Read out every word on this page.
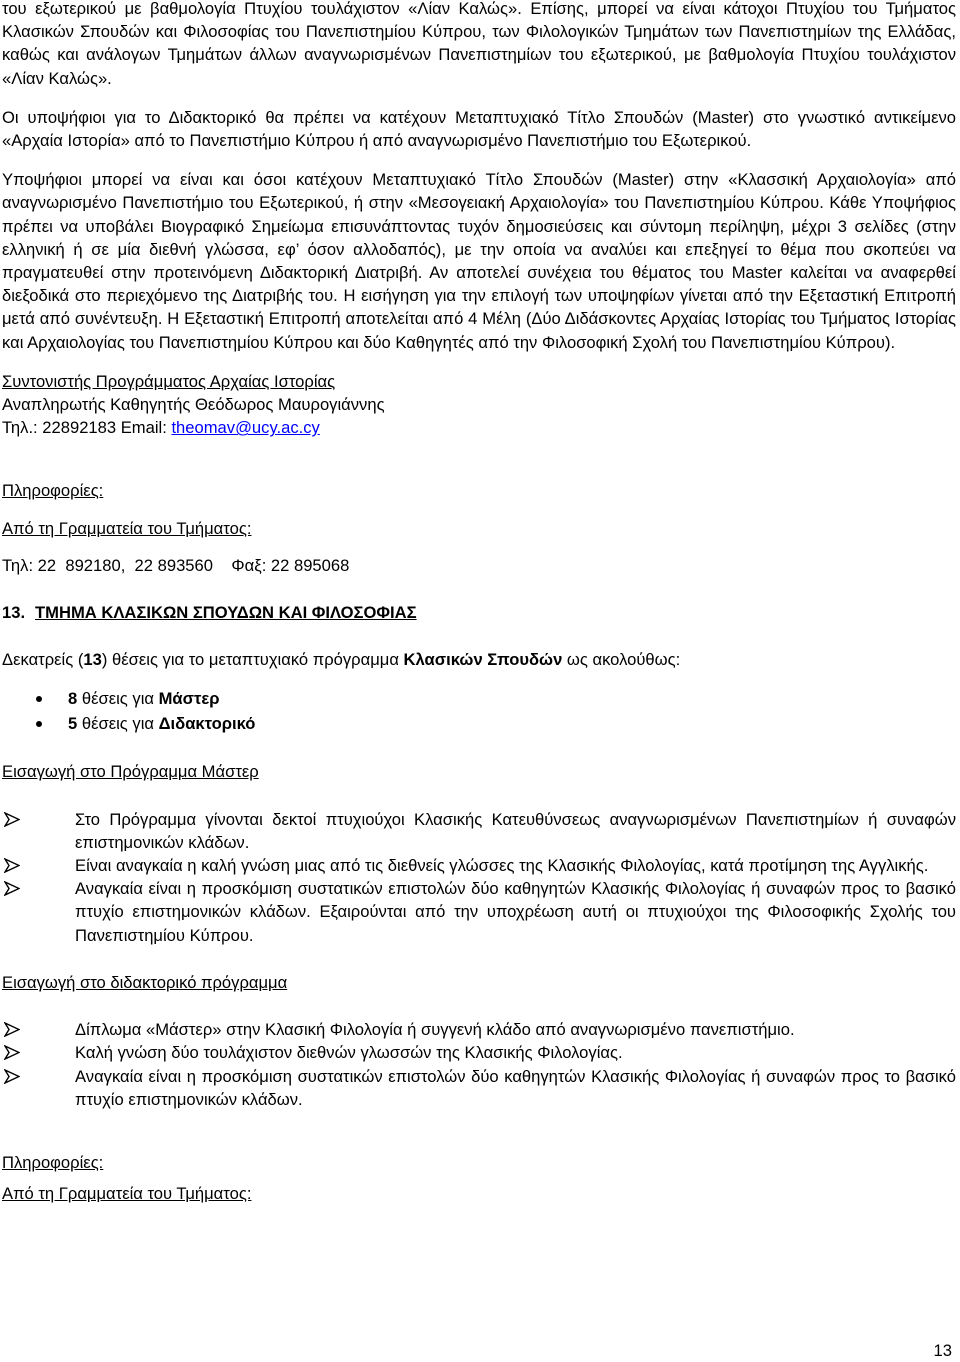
του εξωτερικού με βαθμολογία Πτυχίου τουλάχιστον «Λίαν Καλώς». Επίσης, μπορεί να είναι κάτοχοι Πτυχίου του Τμήματος Κλασικών Σπουδών και Φιλοσοφίας του Πανεπιστημίου Κύπρου, των Φιλολογικών Τμημάτων των Πανεπιστημίων της Ελλάδας, καθώς και ανάλογων Τμημάτων άλλων αναγνωρισμένων Πανεπιστημίων του εξωτερικού, με βαθμολογία Πτυχίου τουλάχιστον «Λίαν Καλώς».

Οι υποψήφιοι για το Διδακτορικό θα πρέπει να κατέχουν Μεταπτυχιακό Τίτλο Σπουδών (Master) στο γνωστικό αντικείμενο «Αρχαία Ιστορία» από το Πανεπιστήμιο Κύπρου ή από αναγνωρισμένο Πανεπιστήμιο του Εξωτερικού.

Υποψήφιοι μπορεί να είναι και όσοι κατέχουν Μεταπτυχιακό Τίτλο Σπουδών (Master) στην «Κλασσική Αρχαιολογία» από αναγνωρισμένο Πανεπιστήμιο του Εξωτερικού, ή στην «Μεσογειακή Αρχαιολογία» του Πανεπιστημίου Κύπρου. Κάθε Υποψήφιος πρέπει να υποβάλει Βιογραφικό Σημείωμα επισυνάπτοντας τυχόν δημοσιεύσεις και σύντομη περίληψη, μέχρι 3 σελίδες (στην ελληνική ή σε μία διεθνή γλώσσα, εφ’ όσον αλλοδαπός), με την οποία να αναλύει και επεξηγεί το θέμα που σκοπεύει να πραγματευθεί στην προτεινόμενη Διδακτορική Διατριβή. Αν αποτελεί συνέχεια του θέματος του Master καλείται να αναφερθεί διεξοδικά στο περιεχόμενο της Διατριβής του. Η εισήγηση για την επιλογή των υποψηφίων γίνεται από την Εξεταστική Επιτροπή μετά από συνέντευξη. Η Εξεταστική Επιτροπή αποτελείται από 4 Μέλη (Δύο Διδάσκοντες Αρχαίας Ιστορίας του Τμήματος Ιστορίας και Αρχαιολογίας του Πανεπιστημίου Κύπρου και δύο Καθηγητές από την Φιλοσοφική Σχολή του Πανεπιστημίου Κύπρου).

Συντονιστής Προγράμματος Αρχαίας Ιστορίας

Αναπληρωτής Καθηγητής Θεόδωρος Μαυρογιάννης

Τηλ.: 22892183 Email: theomav@ucy.ac.cy

Πληροφορίες:

Από τη Γραμματεία του Τμήματος:

Τηλ: 22  892180,  22 893560    Φαξ: 22 895068

13. ΤΜΗΜΑ ΚΛΑΣΙΚΩΝ ΣΠΟΥΔΩΝ ΚΑΙ ΦΙΛΟΣΟΦΙΑΣ

Δεκατρείς (13) θέσεις για το μεταπτυχιακό πρόγραμμα Κλασικών Σπουδών ως ακολούθως:

8 θέσεις για Μάστερ
5 θέσεις για Διδακτορικό

Εισαγωγή στο Πρόγραμμα Μάστερ

Στο Πρόγραμμα γίνονται δεκτοί πτυχιούχοι Κλασικής Κατευθύνσεως αναγνωρισμένων Πανεπιστημίων ή συναφών επιστημονικών κλάδων.
Είναι αναγκαία η καλή γνώση μιας από τις διεθνείς γλώσσες της Κλασικής Φιλολογίας, κατά προτίμηση της Αγγλικής.
Αναγκαία είναι η προσκόμιση συστατικών επιστολών δύο καθηγητών Κλασικής Φιλολογίας ή συναφών προς το βασικό πτυχίο επιστημονικών κλάδων. Εξαιρούνται από την υποχρέωση αυτή οι πτυχιούχοι της Φιλοσοφικής Σχολής του Πανεπιστημίου Κύπρου.

Εισαγωγή στο διδακτορικό πρόγραμμα

Δίπλωμα «Μάστερ» στην Κλασική Φιλολογία ή συγγενή κλάδο από αναγνωρισμένο πανεπιστήμιο.
Καλή γνώση δύο τουλάχιστον διεθνών γλωσσών της Κλασικής Φιλολογίας.
Αναγκαία είναι η προσκόμιση συστατικών επιστολών δύο καθηγητών Κλασικής Φιλολογίας ή συναφών προς το βασικό πτυχίο επιστημονικών κλάδων.

Πληροφορίες:

Από τη Γραμματεία του Τμήματος:

13
